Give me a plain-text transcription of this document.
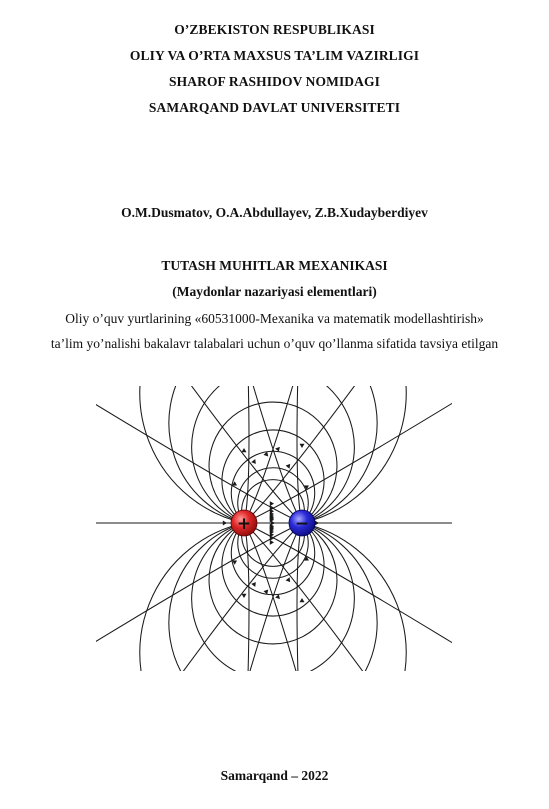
O’ZBEKISTON RESPUBLIKASI
OLIY VA O’RTA MAXSUS TA’LIM VAZIRLIGI
SHAROF RASHIDOV NOMIDAGI
SAMARQAND DAVLAT UNIVERSITETI
O.M.Dusmatov, O.A.Abdullayev, Z.B.Xudayberdiyev
TUTASH MUHITLAR MEXANIKASI
(Maydonlar nazariyasi elementlari)
Oliy o’quv yurtlarining «60531000-Mexanika va matematik modellashtirish»
ta’lim yo’nalishi bakalavr talabalari uchun o’quv qo’llanma sifatida tavsiya etilgan
+	−
Samarqand – 2022
